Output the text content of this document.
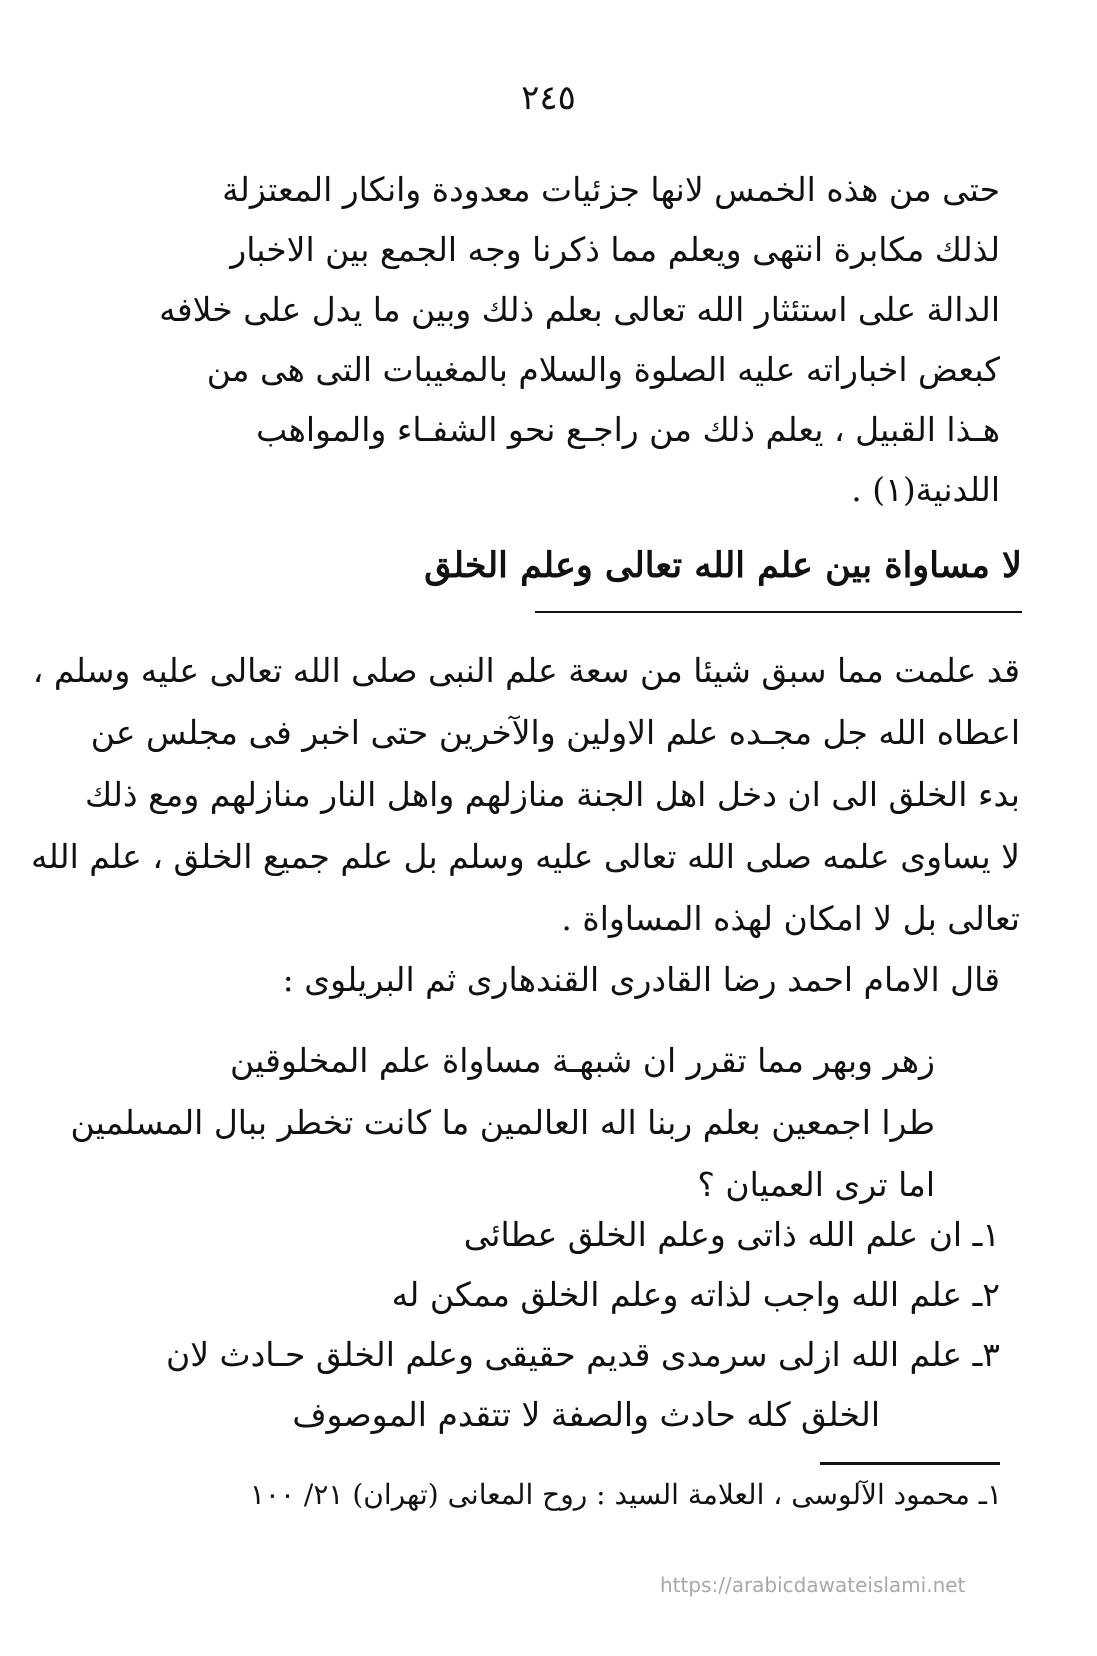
٢٤٥
حتى من هذه الخمس لانها جزئيات معدودة وانكار المعتزلة
لذلك مكابرة انتهى ويعلم مما ذكرنا وجه الجمع بين الاخبار
الدالة على استئثار الله تعالى بعلم ذلك وبين ما يدل على خلافه
كبعض اخباراته عليه الصلوة والسلام بالمغيبات التى هى من
هـذا القبيل ، يعلم ذلك من راجـع نحو الشفـاء والمواهب
اللدنية(١) .
لا مساواة بين علم الله تعالى وعلم الخلق
قد علمت مما سبق شيئا من سعة علم النبى صلى الله تعالى عليه وسلم ،
اعطاه الله جل مجـده علم الاولين والآخرين حتى اخبر فى مجلس عن
بدء الخلق الى ان دخل اهل الجنة منازلهم واهل النار منازلهم ومع ذلك
لا يساوى علمه صلى الله تعالى عليه وسلم بل علم جميع الخلق ، علم الله
تعالى بل لا امكان لهذه المساواة .
قال الامام احمد رضا القادرى القندهارى ثم البريلوى :
زهر وبهر مما تقرر ان شبهـة مساواة علم المخلوقين
طرا اجمعين بعلم ربنا اله العالمين ما كانت تخطر ببال المسلمين
اما ترى العميان ؟
١ـ ان علم الله ذاتى وعلم الخلق عطائى
٢ـ علم الله واجب لذاته وعلم الخلق ممكن له
٣ـ علم الله ازلى سرمدى قديم حقيقى وعلم الخلق حـادث لان
الخلق كله حادث والصفة لا تتقدم الموصوف
١ـ محمود الآلوسى ، العلامة السيد : روح المعانى (تهران) ٢١/ ١٠٠
https://arabicdawateislami.net
